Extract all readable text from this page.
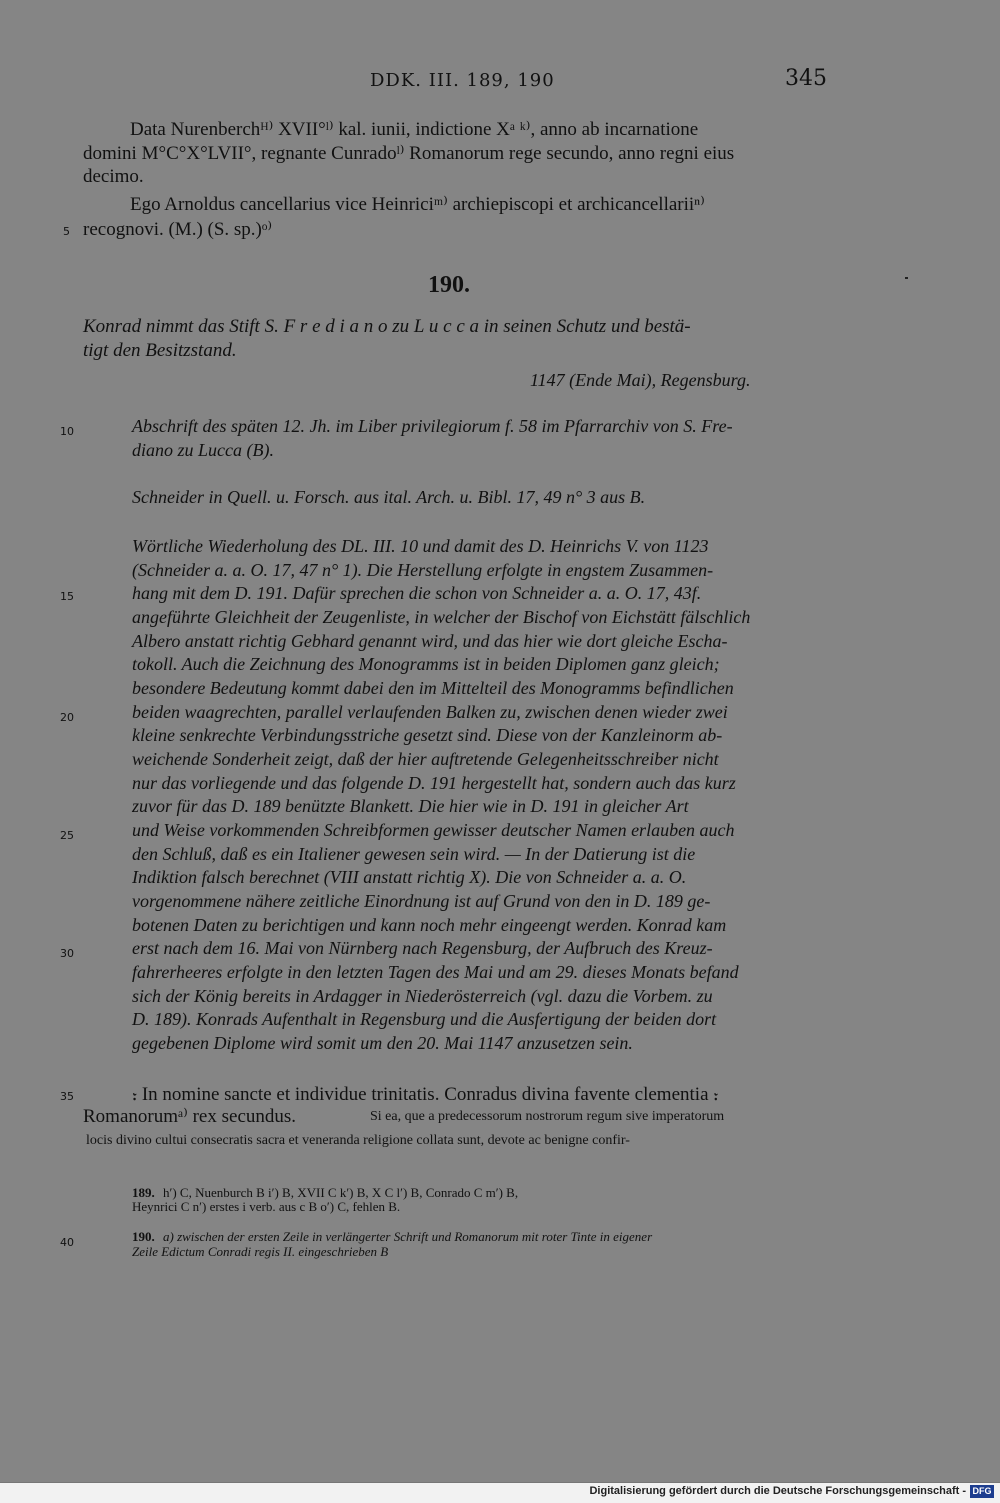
DDK. III. 189, 190	345
Data Nurenberchᴴ⁾ XVII°ˡ⁾ kal. iunii, indictione Xᵃ ᵏ⁾, anno ab incarnatione
domini M°C°X°LVII°, regnante Cunradoˡ⁾ Romanorum rege secundo, anno regni eius
decimo.
Ego Arnoldus cancellarius vice Heinriciᵐ⁾ archiepiscopi et archicancellariiⁿ⁾
recognovi. (M.) (S. sp.)ᵒ⁾
190.
Konrad nimmt das Stift S. F r e d i a n o zu L u c c a in seinen Schutz und bestä-
tigt den Besitzstand.
1147 (Ende Mai), Regensburg.
Abschrift des späten 12. Jh. im Liber privilegiorum f. 58 im Pfarrarchiv von S. Fre-
diano zu Lucca (B).
Schneider in Quell. u. Forsch. aus ital. Arch. u. Bibl. 17, 49 n° 3 aus B.
Wörtliche Wiederholung des DL. III. 10 und damit des D. Heinrichs V. von 1123
(Schneider a. a. O. 17, 47 n° 1). Die Herstellung erfolgte in engstem Zusammen-
hang mit dem D. 191. Dafür sprechen die schon von Schneider a. a. O. 17, 43f.
angeführte Gleichheit der Zeugenliste, in welcher der Bischof von Eichstätt fälschlich
Albero anstatt richtig Gebhard genannt wird, und das hier wie dort gleiche Escha-
tokoll. Auch die Zeichnung des Monogramms ist in beiden Diplomen ganz gleich;
besondere Bedeutung kommt dabei den im Mittelteil des Monogramms befindlichen
beiden waagrechten, parallel verlaufenden Balken zu, zwischen denen wieder zwei
kleine senkrechte Verbindungsstriche gesetzt sind. Diese von der Kanzleinorm ab-
weichende Sonderheit zeigt, daß der hier auftretende Gelegenheitsschreiber nicht
nur das vorliegende und das folgende D. 191 hergestellt hat, sondern auch das kurz
zuvor für das D. 189 benützte Blankett. Die hier wie in D. 191 in gleicher Art
und Weise vorkommenden Schreibformen gewisser deutscher Namen erlauben auch
den Schluß, daß es ein Italiener gewesen sein wird. — In der Datierung ist die
Indiktion falsch berechnet (VIII anstatt richtig X). Die von Schneider a. a. O.
vorgenommene nähere zeitliche Einordnung ist auf Grund von den in D. 189 ge-
botenen Daten zu berichtigen und kann noch mehr eingeengt werden. Konrad kam
erst nach dem 16. Mai von Nürnberg nach Regensburg, der Aufbruch des Kreuz-
fahrerheeres erfolgte in den letzten Tagen des Mai und am 29. dieses Monats befand
sich der König bereits in Ardagger in Niederösterreich (vgl. dazu die Vorbem. zu
D. 189). Konrads Aufenthalt in Regensburg und die Ausfertigung der beiden dort
gegebenen Diplome wird somit um den 20. Mai 1147 anzusetzen sein.
⹎ In nomine sancte et individue trinitatis. Conradus divina favente clementia ⹎
Romanorumᵃ⁾ rex secundus.	Si ea, que a predecessorum nostrorum regum sive imperatorum
locis divino cultui consecratis sacra et veneranda religione collata sunt, devote ac benigne confir-
189. h′) C, Nuenburch B i′) B, XVII C k′) B, X C l′) B, Conrado C m′) B,
Heynrici C n′) erstes i verb. aus c B o′) C, fehlen B.
190. a) zwischen der ersten Zeile in verlängerter Schrift und Romanorum mit roter Tinte in eigener
Zeile Edictum Conradi regis II. eingeschrieben B
5
10
15
20
25
30
35
40
Digitalisierung gefördert durch die Deutsche Forschungsgemeinschaft - DFG
